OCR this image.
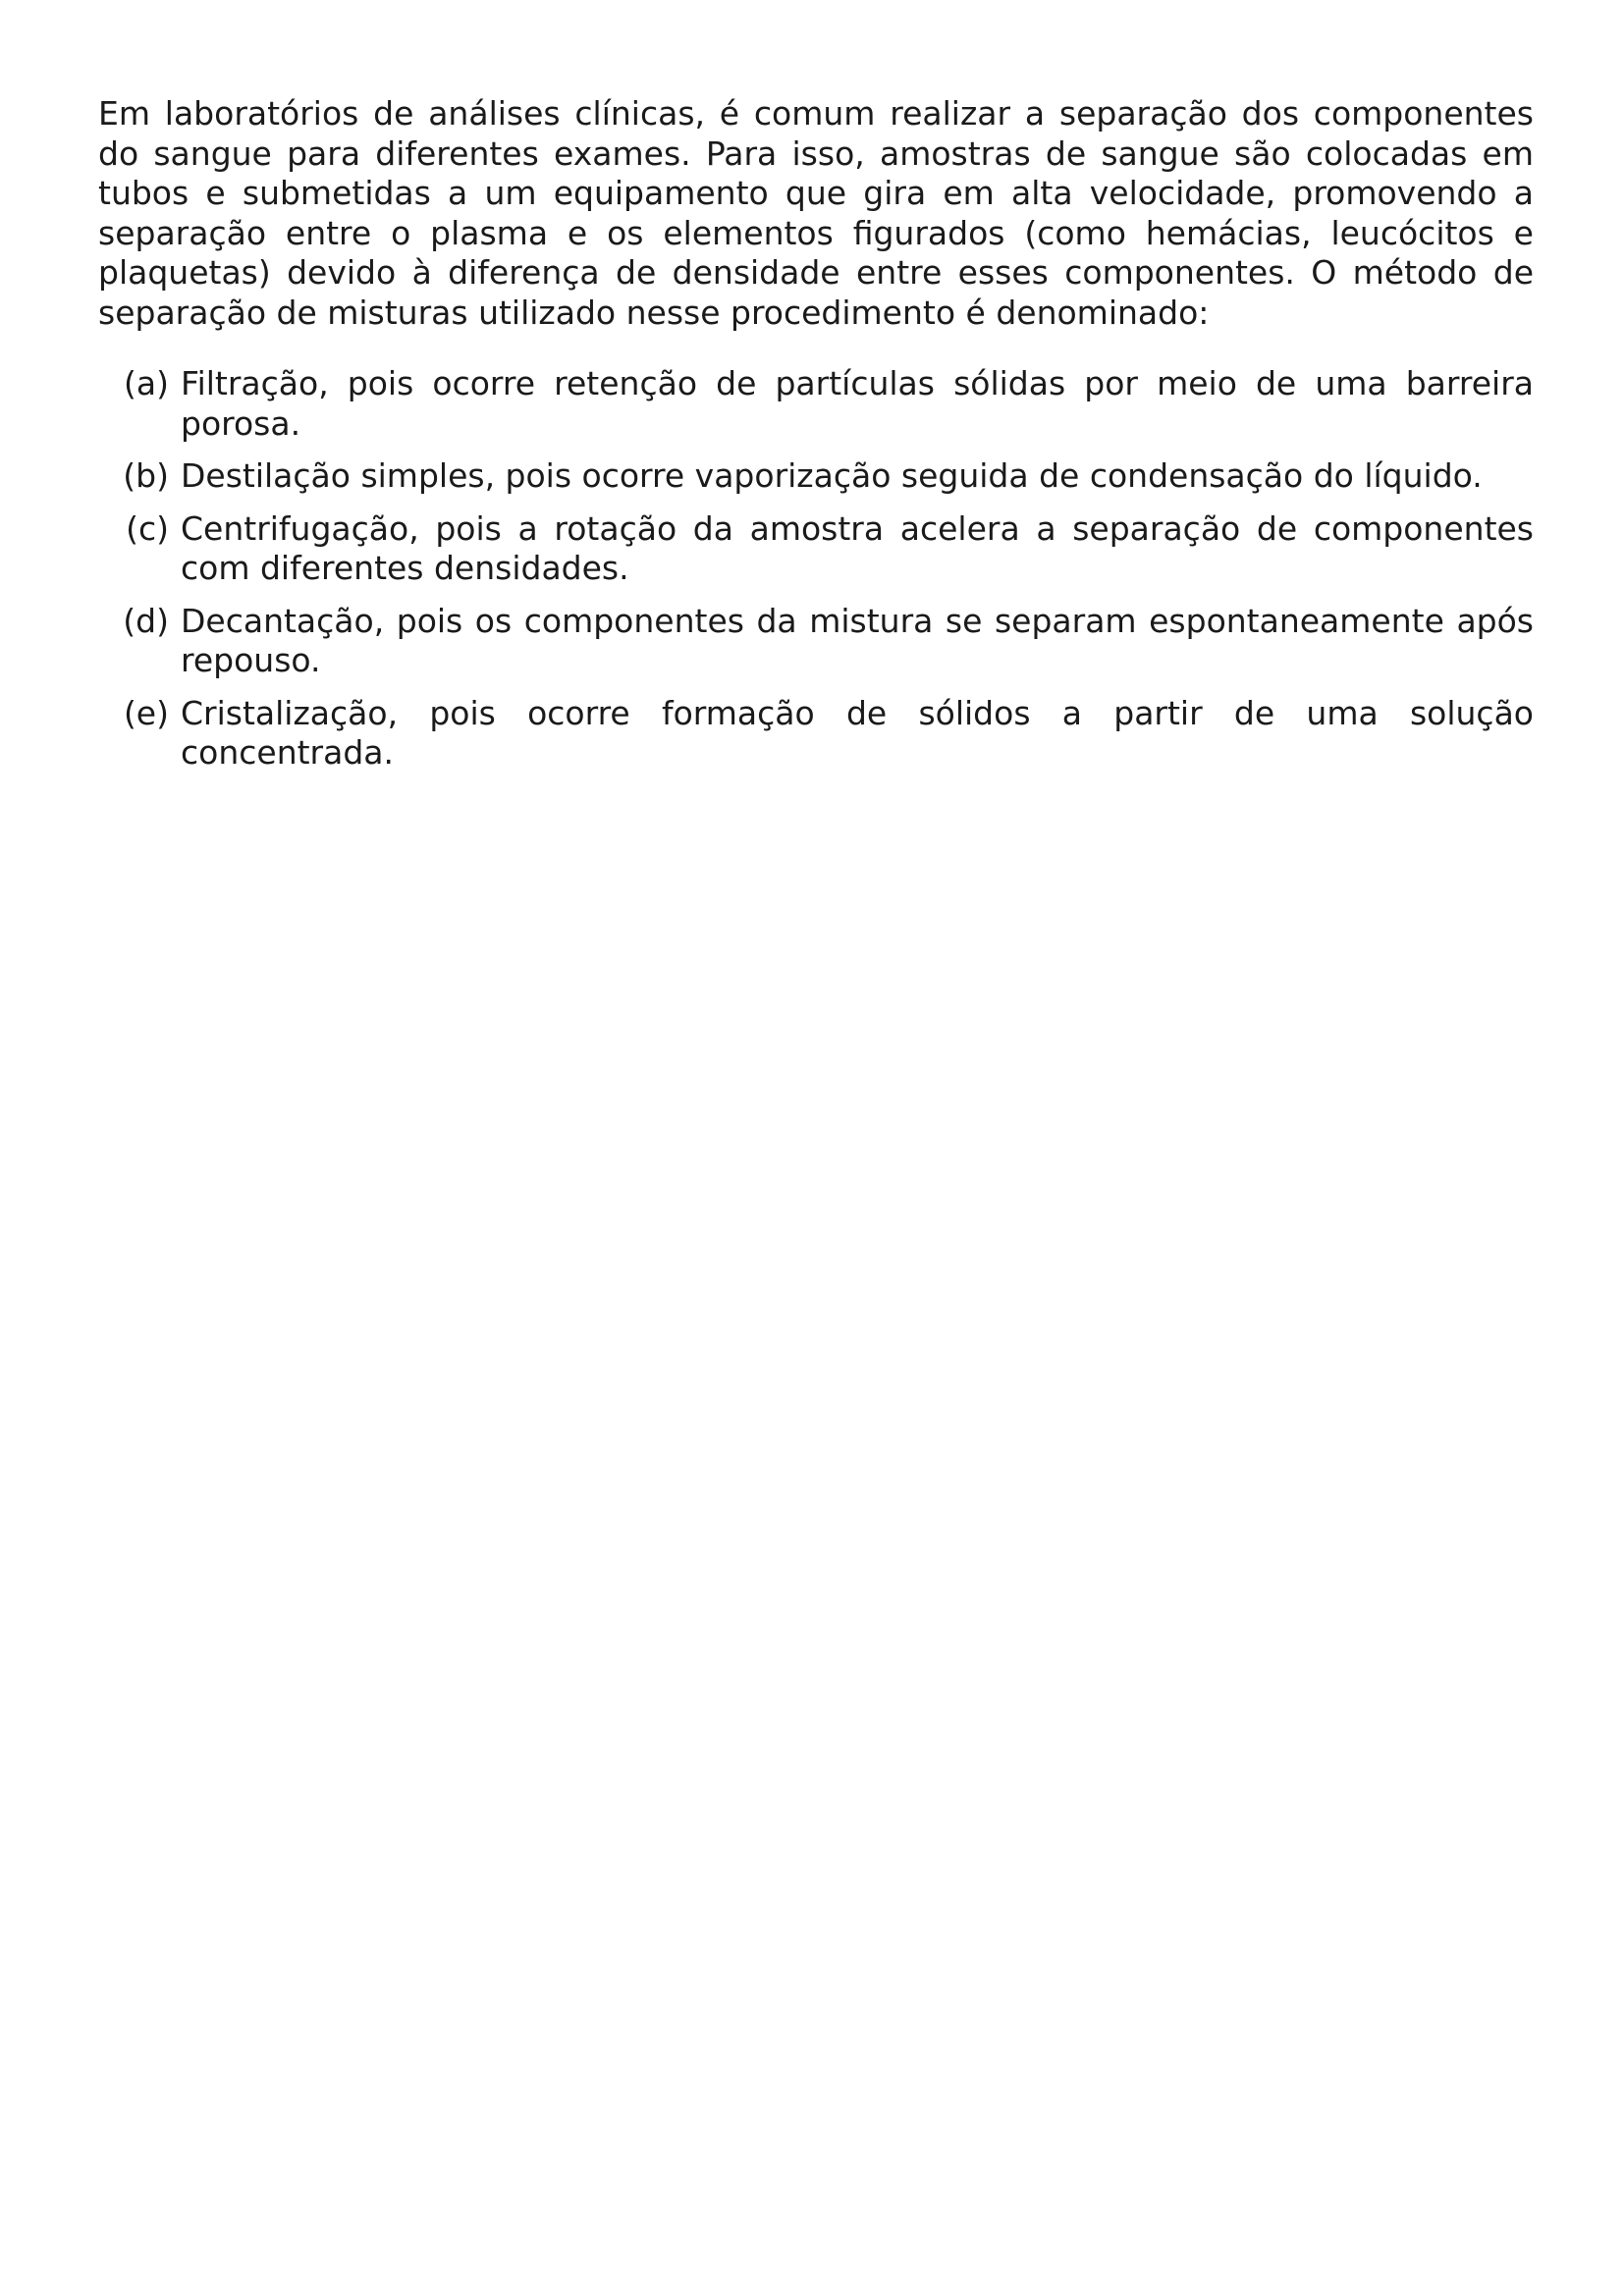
Em laboratórios de análises clínicas, é comum realizar a separação dos componentes do sangue para diferentes exames. Para isso, amostras de sangue são colocadas em tubos e submetidas a um equipamento que gira em alta velocidade, promovendo a separação entre o plasma e os elementos figurados (como hemácias, leucócitos e plaquetas) devido à diferença de densidade entre esses componentes. O método de separação de misturas utilizado nesse procedimento é denominado:

(a) Filtração, pois ocorre retenção de partículas sólidas por meio de uma barreira porosa.
(b) Destilação simples, pois ocorre vaporização seguida de condensação do líquido.
(c) Centrifugação, pois a rotação da amostra acelera a separação de componentes com diferentes densidades.
(d) Decantação, pois os componentes da mistura se separam espontaneamente após repouso.
(e) Cristalização, pois ocorre formação de sólidos a partir de uma solução concentrada.
